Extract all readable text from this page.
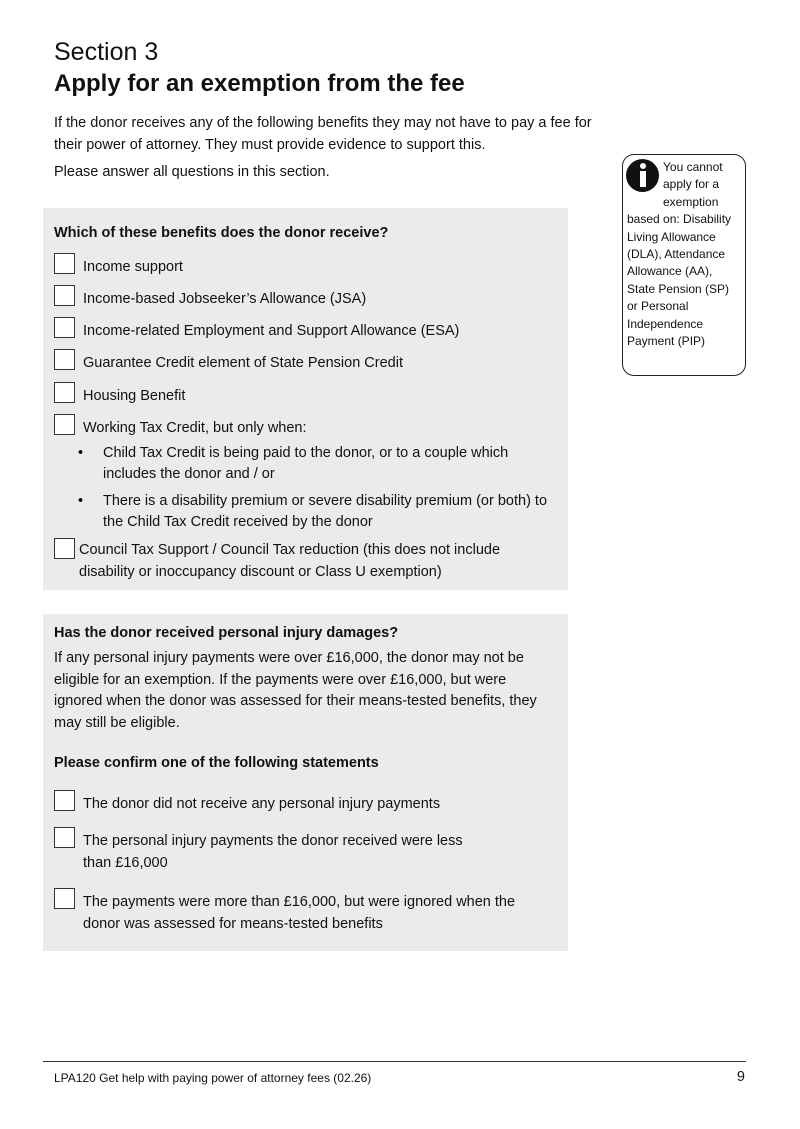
Section 3
Apply for an exemption from the fee

If the donor receives any of the following benefits they may not have to pay a fee for their power of attorney. They must provide evidence to support this.

Please answer all questions in this section.	You cannot apply for a exemption based on: Disability Living Allowance (DLA), Attendance Allowance (AA), State Pension (SP) or Personal Independence Payment (PIP)
Which of these benefits does the donor receive?
Income support
Income-based Jobseeker’s Allowance (JSA)
Income-related Employment and Support Allowance (ESA)
Guarantee Credit element of State Pension Credit
Housing Benefit
Working Tax Credit, but only when:
• Child Tax Credit is being paid to the donor, or to a couple which includes the donor and / or
• There is a disability premium or severe disability premium (or both) to the Child Tax Credit received by the donor
Council Tax Support / Council Tax reduction (this does not include disability or inoccupancy discount or Class U exemption)
Has the donor received personal injury damages?

If any personal injury payments were over £16,000, the donor may not be eligible for an exemption. If the payments were over £16,000, but were ignored when the donor was assessed for their means-tested benefits, they may still be eligible.

Please confirm one of the following statements
The donor did not receive any personal injury payments
The personal injury payments the donor received were less than £16,000
The payments were more than £16,000, but were ignored when the donor was assessed for means-tested benefits
LPA120 Get help with paying power of attorney fees (02.26)	9
